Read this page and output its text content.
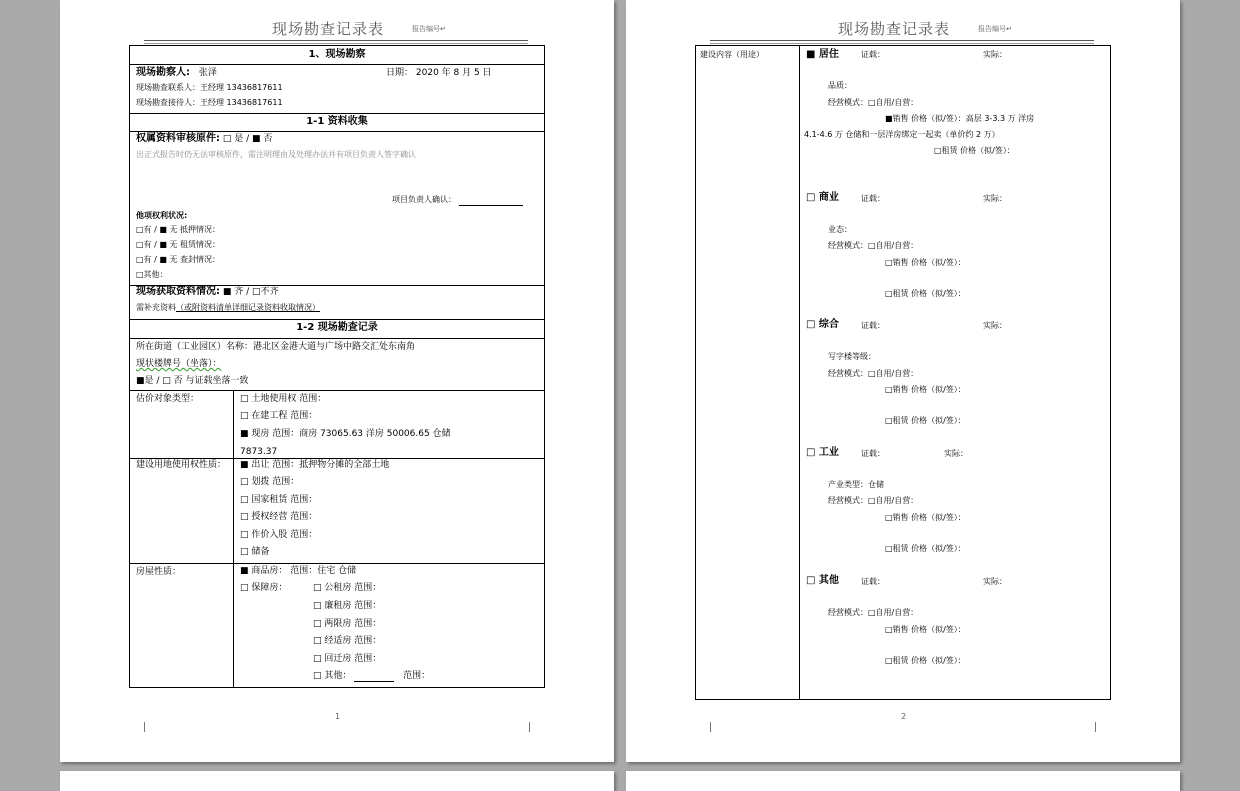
现场勘查记录表	报告编号↵
1、现场勘察
现场勘察人: 张泽	日期： 2020 年 8 月 5 日
现场勘查联系人：王经理 13436817611
现场勘查接待人：王经理 13436817611
1-1 资料收集
权属资料审核原件: □ 是 / ■ 否
出正式报告时仍无法审核原件，需注明理由及处理办法并有项目负责人签字确认
项目负责人确认：
他项权利状况:
□有 / ■ 无 抵押情况：
□有 / ■ 无 租赁情况：
□有 / ■ 无 查封情况：
□其他：
现场获取资料情况: ■ 齐 / □不齐
需补充资料（或附资料清单详细记录资料收取情况）
1-2 现场勘查记录
所在街道（工业园区）名称：港北区金港大道与广场中路交汇处东南角
现状楼牌号（坐落）：
■是 / □ 否 与证载坐落一致
估价对象类型：	□ 土地使用权 范围：
□ 在建工程 范围：
■ 现房 范围：商房 73065.63 洋房 50006.65 仓储
7873.37
建设用地使用权性质： ■ 出让 范围：抵押物分摊的全部土地
□ 划拨 范围：
□ 国家租赁 范围：
□ 授权经营 范围：
□ 作价入股 范围：
□ 储备
房屋性质：	■ 商品房： 范围：住宅 仓储
□ 保障房：	□ 公租房 范围：
□ 廉租房 范围：
□ 两限房 范围：
□ 经适房 范围：
□ 回迁房 范围：
□ 其他：	范围：
1
现场勘查记录表	报告编号↵
建设内容（用途）	■ 居住	证载：	实际：
品质：
经营模式：□自用/自营：
■销售 价格（拟/签）：高层 3-3.3 万 洋房
4.1-4.6 万 仓储和一层洋房绑定一起卖（单价约 2 万）
□租赁 价格（拟/签）：
□ 商业	证载：	实际：
业态：
经营模式：□自用/自营：
□销售 价格（拟/签）：
□租赁 价格（拟/签）：
□ 综合	证载：	实际：
写字楼等级：
经营模式：□自用/自营：
□销售 价格（拟/签）：
□租赁 价格（拟/签）：
□ 工业	证载：	实际：
产业类型：仓储
经营模式：□自用/自营：
□销售 价格（拟/签）：
□租赁 价格（拟/签）：
□ 其他	证载：	实际：
经营模式：□自用/自营：
□销售 价格（拟/签）：
□租赁 价格（拟/签）：
2
